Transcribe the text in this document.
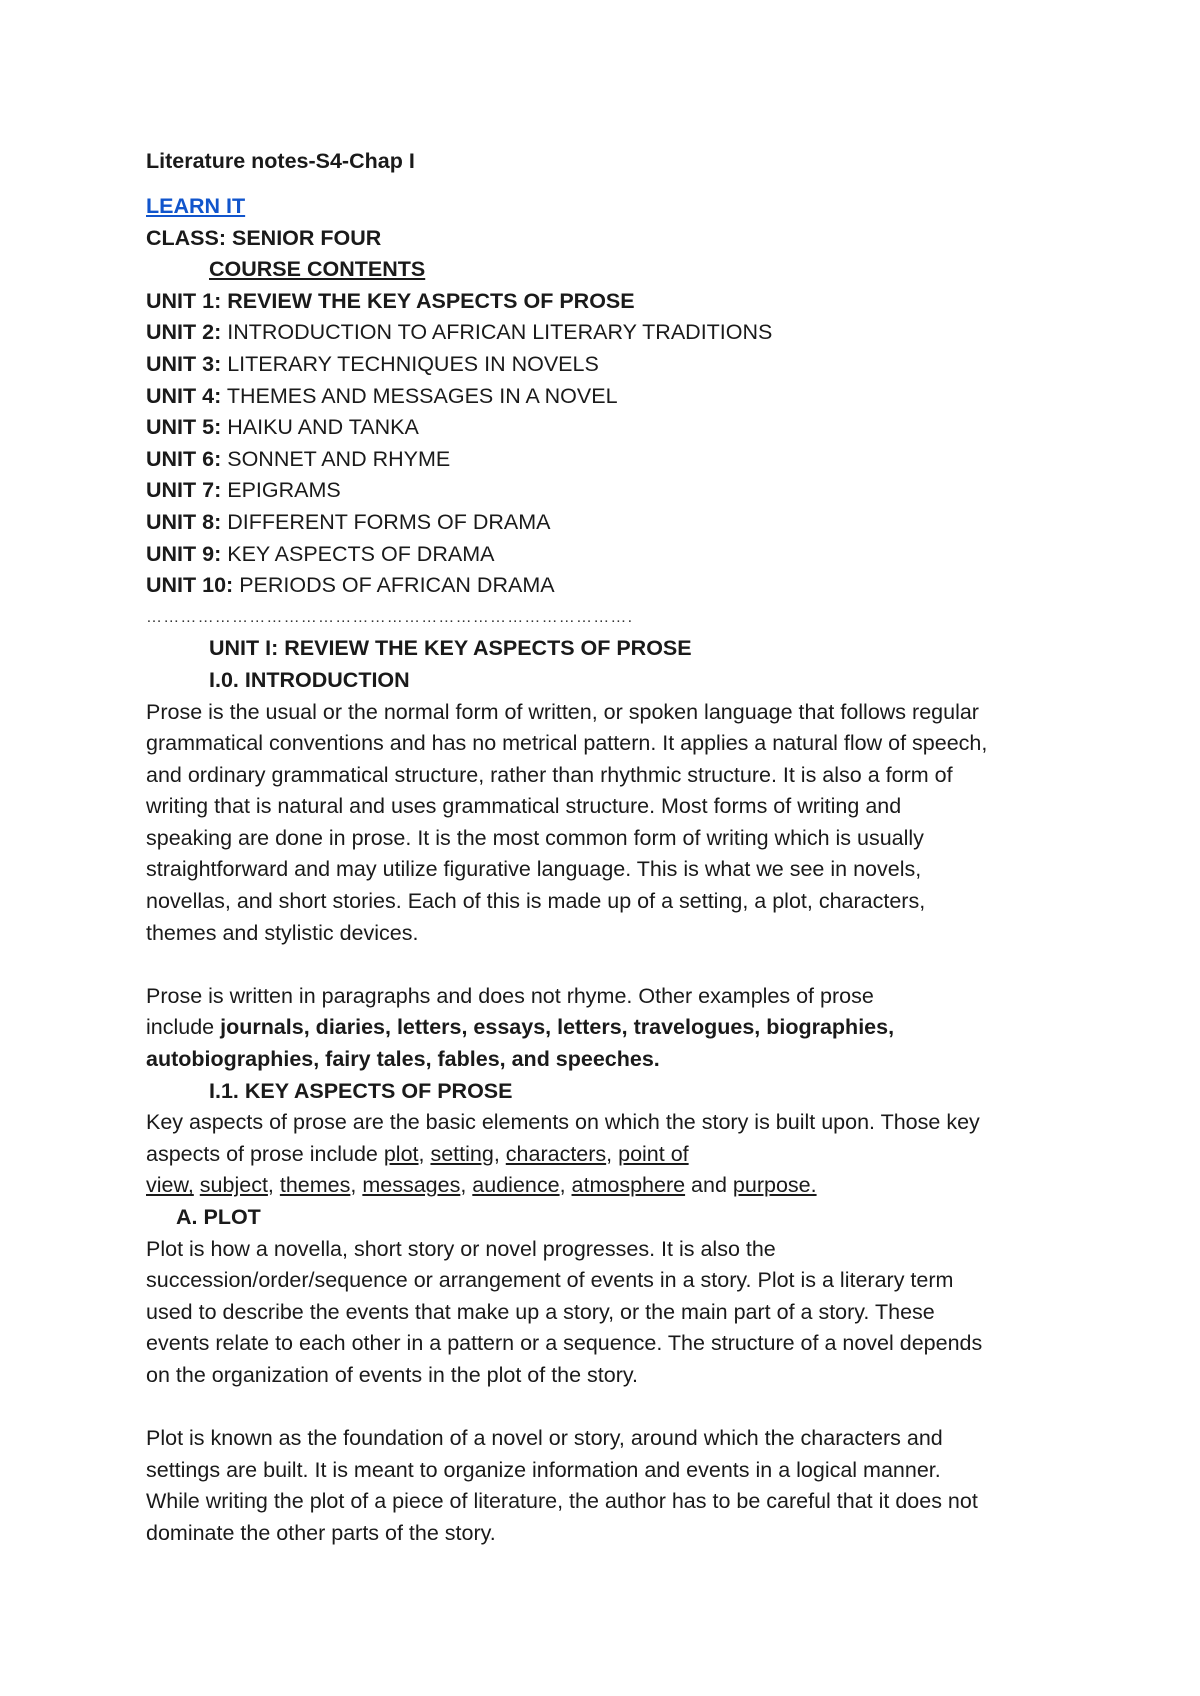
Literature notes-S4-Chap I
LEARN IT
CLASS: SENIOR FOUR
COURSE CONTENTS
UNIT 1: REVIEW THE KEY ASPECTS OF PROSE
UNIT 2: INTRODUCTION TO AFRICAN LITERARY TRADITIONS
UNIT 3: LITERARY TECHNIQUES IN NOVELS
UNIT 4: THEMES AND MESSAGES IN A NOVEL
UNIT 5: HAIKU AND TANKA
UNIT 6: SONNET AND RHYME
UNIT 7: EPIGRAMS
UNIT 8: DIFFERENT FORMS OF DRAMA
UNIT 9: KEY ASPECTS OF DRAMA
UNIT 10: PERIODS OF AFRICAN DRAMA
………………………………………………………………………….
UNIT I: REVIEW THE KEY ASPECTS OF PROSE
I.0. INTRODUCTION
Prose is the usual or the normal form of written, or spoken language that follows regular
grammatical conventions and has no metrical pattern. It applies a natural flow of speech,
and ordinary grammatical structure, rather than rhythmic structure. It is also a form of
writing that is natural and uses grammatical structure. Most forms of writing and
speaking are done in prose. It is the most common form of writing which is usually
straightforward and may utilize figurative language. This is what we see in novels,
novellas, and short stories. Each of this is made up of a setting, a plot, characters,
themes and stylistic devices.
Prose is written in paragraphs and does not rhyme. Other examples of prose
include journals, diaries, letters, essays, letters, travelogues, biographies,
autobiographies, fairy tales, fables, and speeches.
I.1. KEY ASPECTS OF PROSE
Key aspects of prose are the basic elements on which the story is built upon. Those key
aspects of prose include plot, setting, characters, point of
view, subject, themes, messages, audience, atmosphere and purpose.
A. PLOT
Plot is how a novella, short story or novel progresses. It is also the
succession/order/sequence or arrangement of events in a story. Plot is a literary term
used to describe the events that make up a story, or the main part of a story. These
events relate to each other in a pattern or a sequence. The structure of a novel depends
on the organization of events in the plot of the story.
Plot is known as the foundation of a novel or story, around which the characters and
settings are built. It is meant to organize information and events in a logical manner.
While writing the plot of a piece of literature, the author has to be careful that it does not
dominate the other parts of the story.
